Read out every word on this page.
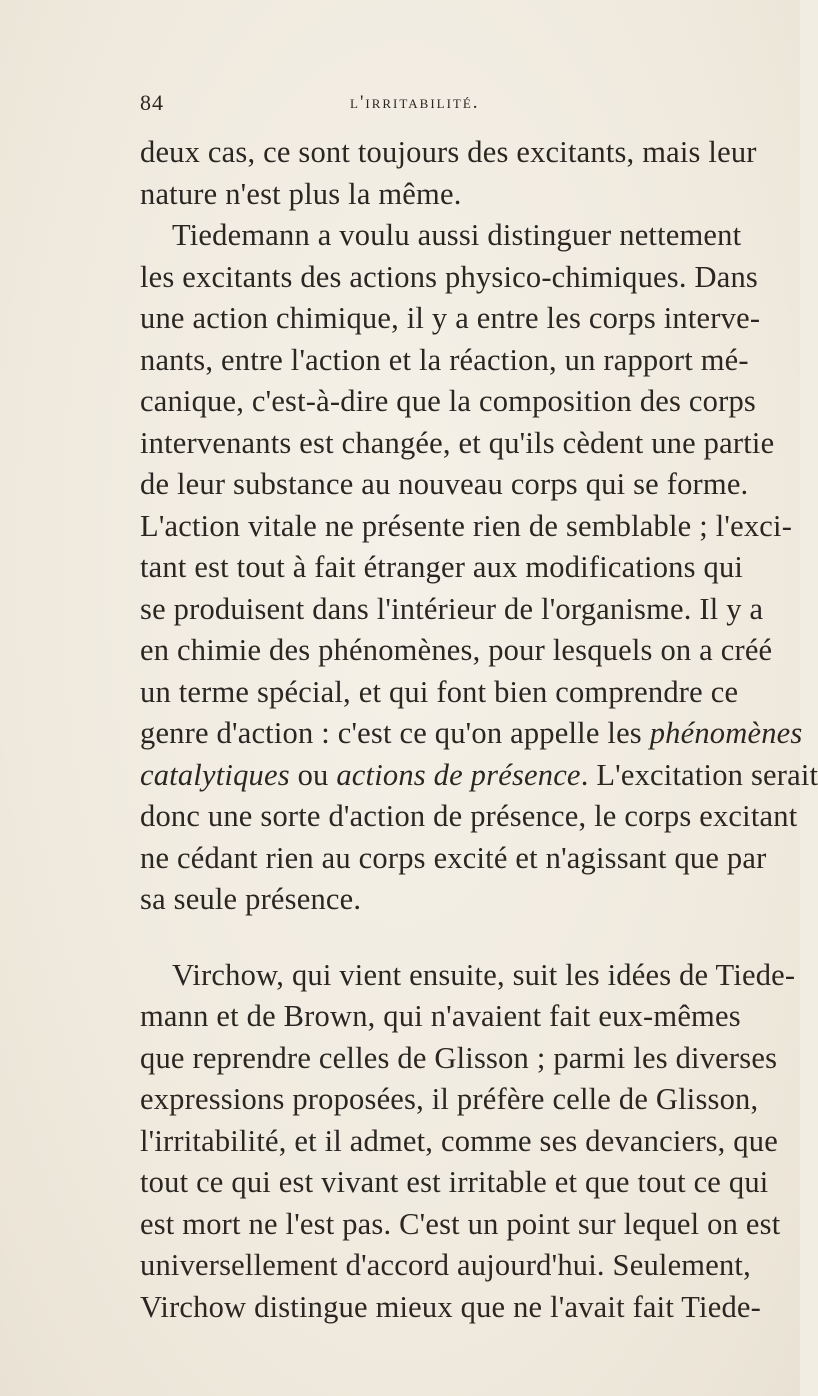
84	l'irritabilité.
deux cas, ce sont toujours des excitants, mais leur
nature n'est plus la même.
Tiedemann a voulu aussi distinguer nettement
les excitants des actions physico-chimiques. Dans
une action chimique, il y a entre les corps interve-
nants, entre l'action et la réaction, un rapport mé-
canique, c'est-à-dire que la composition des corps
intervenants est changée, et qu'ils cèdent une partie
de leur substance au nouveau corps qui se forme.
L'action vitale ne présente rien de semblable ; l'exci-
tant est tout à fait étranger aux modifications qui
se produisent dans l'intérieur de l'organisme. Il y a
en chimie des phénomènes, pour lesquels on a créé
un terme spécial, et qui font bien comprendre ce
genre d'action : c'est ce qu'on appelle les phénomènes
catalytiques ou actions de présence. L'excitation serait
donc une sorte d'action de présence, le corps excitant
ne cédant rien au corps excité et n'agissant que par
sa seule présence.
Virchow, qui vient ensuite, suit les idées de Tiede-
mann et de Brown, qui n'avaient fait eux-mêmes
que reprendre celles de Glisson ; parmi les diverses
expressions proposées, il préfère celle de Glisson,
l'irritabilité, et il admet, comme ses devanciers, que
tout ce qui est vivant est irritable et que tout ce qui
est mort ne l'est pas. C'est un point sur lequel on est
universellement d'accord aujourd'hui. Seulement,
Virchow distingue mieux que ne l'avait fait Tiede-
